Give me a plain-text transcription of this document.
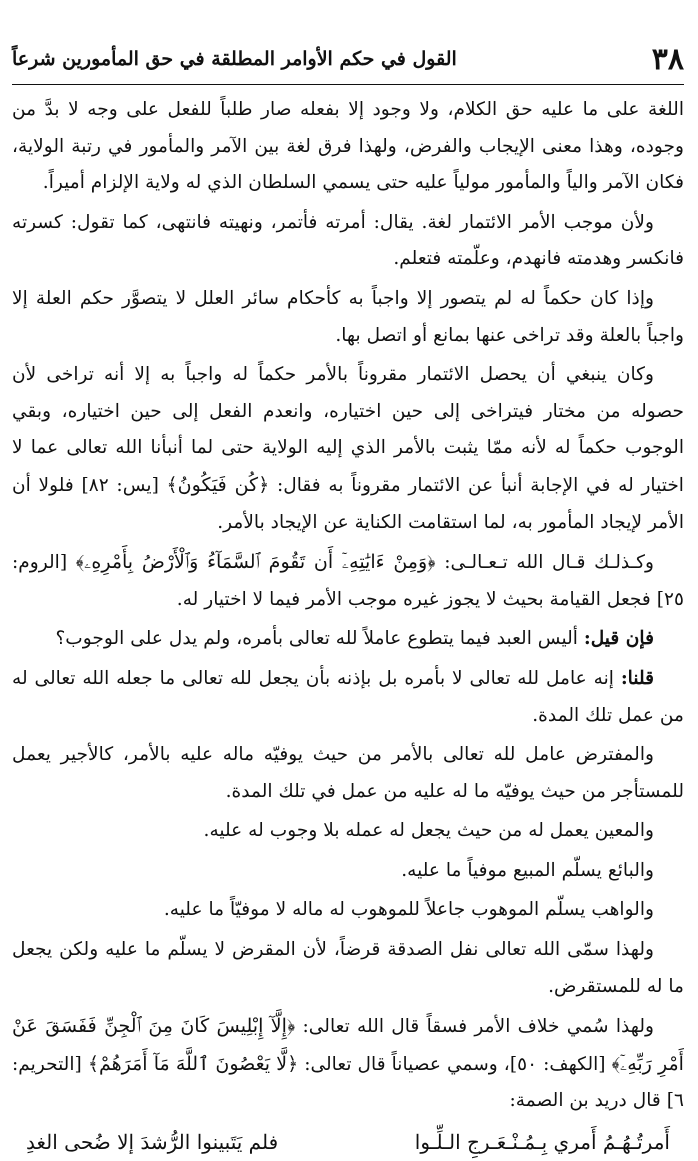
٣٨
القول في حكم الأوامر المطلقة في حق المأمورين شرعاً

اللغة على ما عليه حق الكلام، ولا وجود إلا بفعله صار طلباً للفعل على وجه لا بدَّ من وجوده، وهذا معنى الإيجاب والفرض، ولهذا فرق لغة بين الآمر والمأمور في رتبة الولاية، فكان الآمر والياً والمأمور مولياً عليه حتى يسمي السلطان الذي له ولاية الإلزام أميراً.

ولأن موجب الأمر الائتمار لغة. يقال: أمرته فأتمر، ونهيته فانتهى، كما تقول: كسرته فانكسر وهدمته فانهدم، وعلّمته فتعلم.

وإذا كان حكماً له لم يتصور إلا واجباً به كأحكام سائر العلل لا يتصوَّر حكم العلة إلا واجباً بالعلة وقد تراخى عنها بمانع أو اتصل بها.

وكان ينبغي أن يحصل الائتمار مقروناً بالأمر حكماً له واجباً به إلا أنه تراخى لأن حصوله من مختار فيتراخى إلى حين اختياره، وانعدم الفعل إلى حين اختياره، وبقي الوجوب حكماً له لأنه ممّا يثبت بالأمر الذي إليه الولاية حتى لما أنبأنا الله تعالى عما لا اختيار له في الإجابة أنبأ عن الائتمار مقروناً به فقال: ﴿كُن فَيَكُونُ﴾ [يس: ٨٢] فلولا أن الأمر لإيجاد المأمور به، لما استقامت الكناية عن الإيجاد بالأمر.

وكـذلـك قـال الله تـعـالـى: ﴿وَمِنْ ءَايَٰتِهِۦٓ أَن تَقُومَ ٱلسَّمَآءُ وَٱلْأَرْضُ بِأَمْرِهِۦ﴾ [الروم: ٢٥] فجعل القيامة بحيث لا يجوز غيره موجب الأمر فيما لا اختيار له.

فإن قيل: أليس العبد فيما يتطوع عاملاً لله تعالى بأمره، ولم يدل على الوجوب؟

قلنا: إنه عامل لله تعالى لا بأمره بل بإذنه بأن يجعل لله تعالى ما جعله الله تعالى له من عمل تلك المدة.

والمفترض عامل لله تعالى بالأمر من حيث يوفيّه ماله عليه بالأمر، كالأجير يعمل للمستأجر من حيث يوفيّه ما له عليه من عمل في تلك المدة.

والمعين يعمل له من حيث يجعل له عمله بلا وجوب له عليه.

والبائع يسلّم المبيع موفياً ما عليه.

والواهب يسلّم الموهوب جاعلاً للموهوب له ماله لا موفيّاً ما عليه.

ولهذا سمّى الله تعالى نفل الصدقة قرضاً، لأن المقرض لا يسلّم ما عليه ولكن يجعل ما له للمستقرض.

ولهذا سُمي خلاف الأمر فسقاً قال الله تعالى: ﴿إِلَّآ إِبْلِيسَ كَانَ مِنَ ٱلْجِنِّ فَفَسَقَ عَنْ أَمْرِ رَبِّهِۦٓ﴾ [الكهف: ٥٠]، وسمي عصياناً قال تعالى: ﴿لَّا يَعْصُونَ ٱللَّهَ مَآ أَمَرَهُمْ﴾ [التحريم: ٦] قال دريد بن الصمة:

أَمرتُـهُـمُ أَمري بِـمُـنْـعَـرجِ الـلِّـوا
فلم يَتَبينوا الرُّشدَ إلا ضُحى الغدِ
